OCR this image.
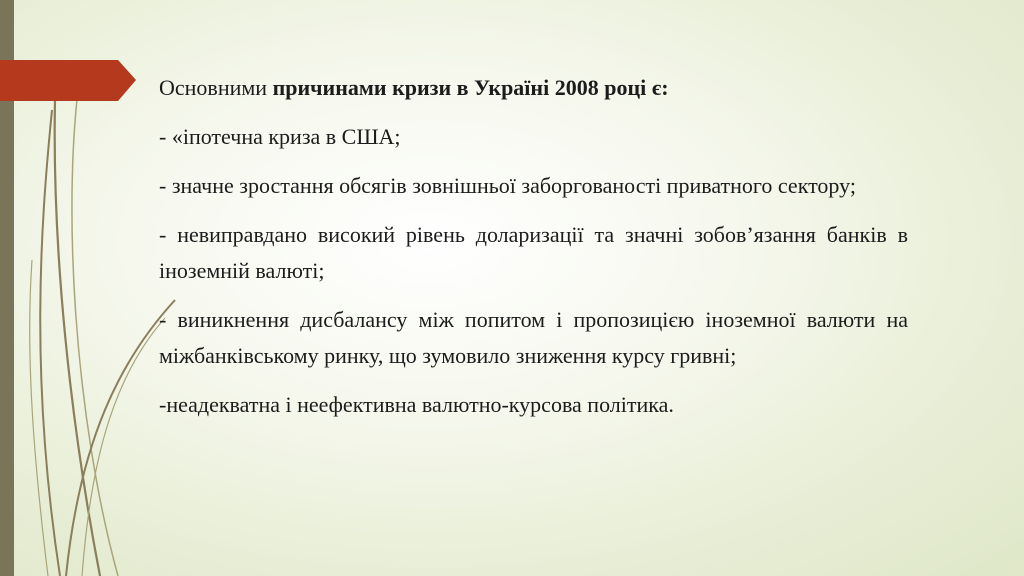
Основними причинами кризи в Україні 2008 році є:

- «іпотечна криза в США;

- значне зростання обсягів зовнішньої заборгованості приватного сектору;

- невиправдано високий рівень доларизації та значні зобов’язання банків в іноземній валюті;

- виникнення дисбалансу між попитом і пропозицією іноземної валюти на міжбанківському ринку, що зумовило зниження курсу гривні;

-неадекватна і неефективна валютно-курсова політика.
